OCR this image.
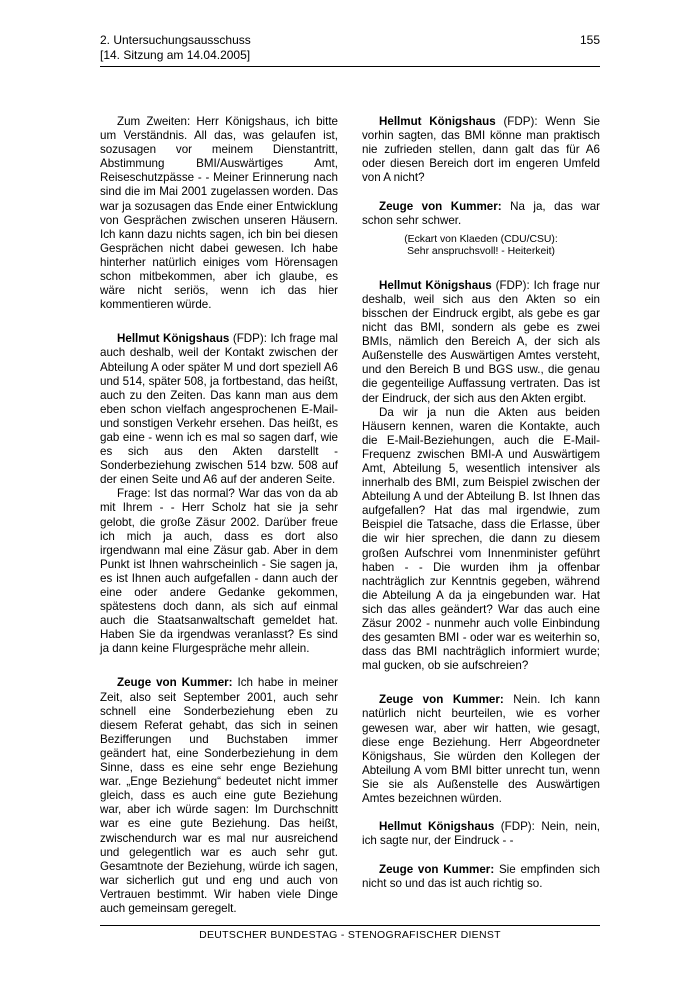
2. Untersuchungsausschuss
[14. Sitzung am 14.04.2005]
155

Zum Zweiten: Herr Königshaus, ich bitte um Verständnis. All das, was gelaufen ist, sozusagen vor meinem Dienstantritt, Abstimmung BMI/Auswärtiges Amt, Reiseschutzpässe - - Meiner Erinnerung nach sind die im Mai 2001 zugelassen worden. Das war ja sozusagen das Ende einer Entwicklung von Gesprächen zwischen unseren Häusern. Ich kann dazu nichts sagen, ich bin bei diesen Gesprächen nicht dabei gewesen. Ich habe hinterher natürlich einiges vom Hörensagen schon mitbekommen, aber ich glaube, es wäre nicht seriös, wenn ich das hier kommentieren würde.

Hellmut Königshaus (FDP): Ich frage mal auch deshalb, weil der Kontakt zwischen der Abteilung A oder später M und dort speziell A6 und 514, später 508, ja fortbestand, das heißt, auch zu den Zeiten. Das kann man aus dem eben schon vielfach angesprochenen E-Mail- und sonstigen Verkehr ersehen. Das heißt, es gab eine - wenn ich es mal so sagen darf, wie es sich aus den Akten darstellt - Sonderbeziehung zwischen 514 bzw. 508 auf der einen Seite und A6 auf der anderen Seite.

Frage: Ist das normal? War das von da ab mit Ihrem - - Herr Scholz hat sie ja sehr gelobt, die große Zäsur 2002. Darüber freue ich mich ja auch, dass es dort also irgendwann mal eine Zäsur gab. Aber in dem Punkt ist Ihnen wahrscheinlich - Sie sagen ja, es ist Ihnen auch aufgefallen - dann auch der eine oder andere Gedanke gekommen, spätestens doch dann, als sich auf einmal auch die Staatsanwaltschaft gemeldet hat. Haben Sie da irgendwas veranlasst? Es sind ja dann keine Flurgespräche mehr allein.

Zeuge von Kummer: Ich habe in meiner Zeit, also seit September 2001, auch sehr schnell eine Sonderbeziehung eben zu diesem Referat gehabt, das sich in seinen Bezifferungen und Buchstaben immer geändert hat, eine Sonderbeziehung in dem Sinne, dass es eine sehr enge Beziehung war. „Enge Beziehung“ bedeutet nicht immer gleich, dass es auch eine gute Beziehung war, aber ich würde sagen: Im Durchschnitt war es eine gute Beziehung. Das heißt, zwischendurch war es mal nur ausreichend und gelegentlich war es auch sehr gut. Gesamtnote der Beziehung, würde ich sagen, war sicherlich gut und eng und auch von Vertrauen bestimmt. Wir haben viele Dinge auch gemeinsam geregelt.

Hellmut Königshaus (FDP): Wenn Sie vorhin sagten, das BMI könne man praktisch nie zufrieden stellen, dann galt das für A6 oder diesen Bereich dort im engeren Umfeld von A nicht?

Zeuge von Kummer: Na ja, das war schon sehr schwer.

(Eckart von Klaeden (CDU/CSU):
Sehr anspruchsvoll! - Heiterkeit)

Hellmut Königshaus (FDP): Ich frage nur deshalb, weil sich aus den Akten so ein bisschen der Eindruck ergibt, als gebe es gar nicht das BMI, sondern als gebe es zwei BMIs, nämlich den Bereich A, der sich als Außenstelle des Auswärtigen Amtes versteht, und den Bereich B und BGS usw., die genau die gegenteilige Auffassung vertraten. Das ist der Eindruck, der sich aus den Akten ergibt.

Da wir ja nun die Akten aus beiden Häusern kennen, waren die Kontakte, auch die E-Mail-Beziehungen, auch die E-Mail-Frequenz zwischen BMI-A und Auswärtigem Amt, Abteilung 5, wesentlich intensiver als innerhalb des BMI, zum Beispiel zwischen der Abteilung A und der Abteilung B. Ist Ihnen das aufgefallen? Hat das mal irgendwie, zum Beispiel die Tatsache, dass die Erlasse, über die wir hier sprechen, die dann zu diesem großen Aufschrei vom Innenminister geführt haben - - Die wurden ihm ja offenbar nachträglich zur Kenntnis gegeben, während die Abteilung A da ja eingebunden war. Hat sich das alles geändert? War das auch eine Zäsur 2002 - nunmehr auch volle Einbindung des gesamten BMI - oder war es weiterhin so, dass das BMI nachträglich informiert wurde; mal gucken, ob sie aufschreien?

Zeuge von Kummer: Nein. Ich kann natürlich nicht beurteilen, wie es vorher gewesen war, aber wir hatten, wie gesagt, diese enge Beziehung. Herr Abgeordneter Königshaus, Sie würden den Kollegen der Abteilung A vom BMI bitter unrecht tun, wenn Sie sie als Außenstelle des Auswärtigen Amtes bezeichnen würden.

Hellmut Königshaus (FDP): Nein, nein, ich sagte nur, der Eindruck - -

Zeuge von Kummer: Sie empfinden sich nicht so und das ist auch richtig so.

DEUTSCHER BUNDESTAG - STENOGRAFISCHER DIENST
